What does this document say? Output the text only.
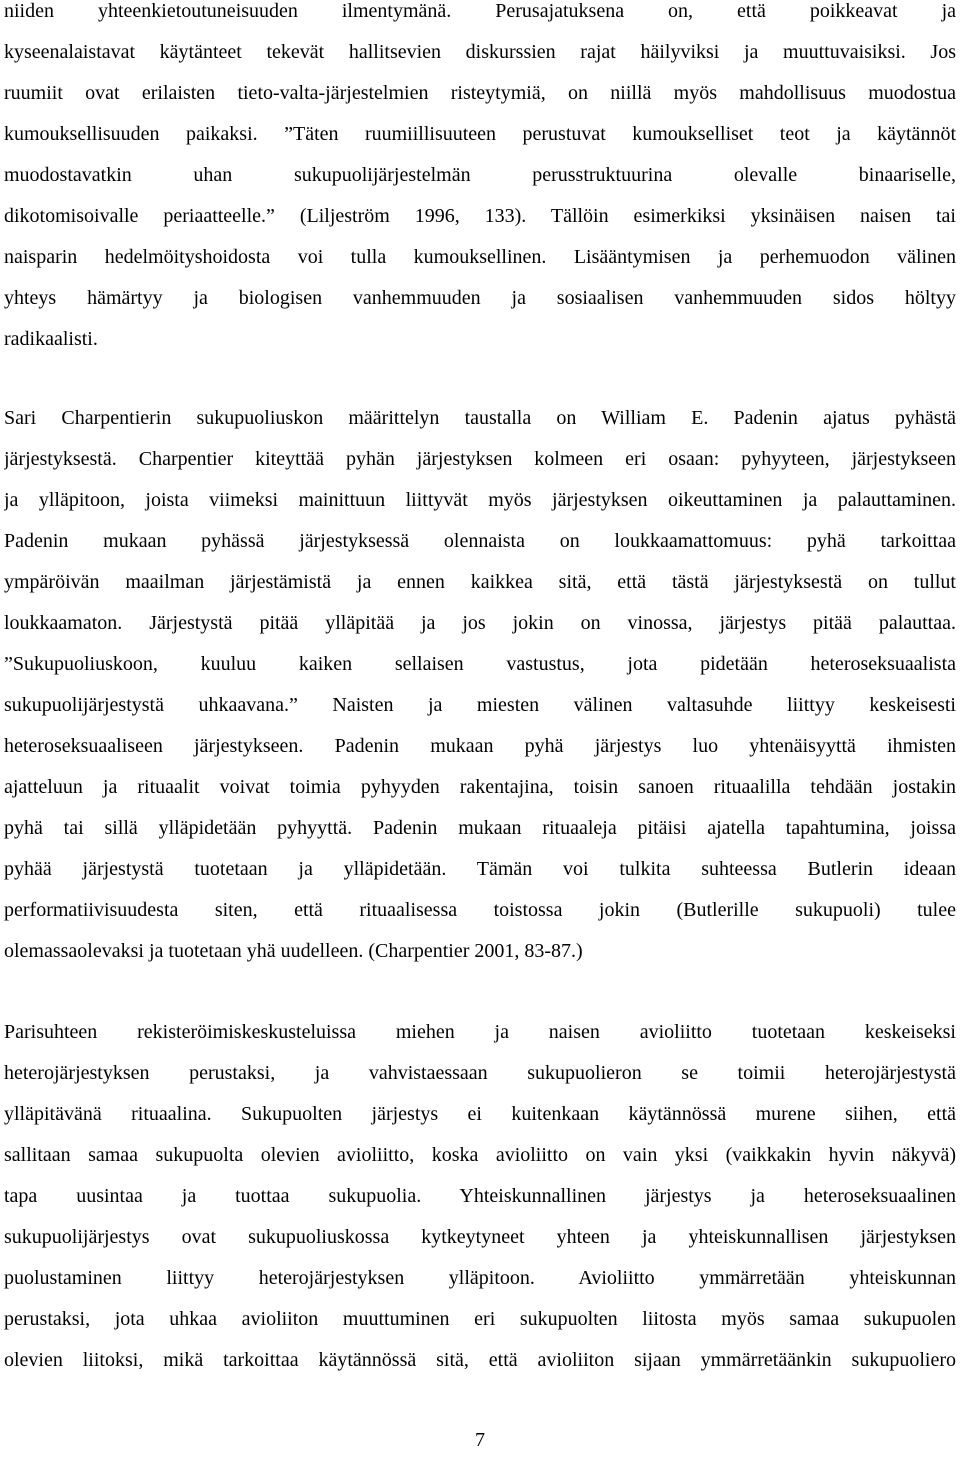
niiden yhteenkietoutuneisuuden ilmentymänä. Perusajatuksena on, että poikkeavat ja
kyseenalaistavat käytänteet tekevät hallitsevien diskurssien rajat häilyviksi ja muuttuvaisiksi. Jos
ruumiit ovat erilaisten tieto-valta-järjestelmien risteytymiä, on niillä myös mahdollisuus muodostua
kumouksellisuuden paikaksi. ”Täten ruumiillisuuteen perustuvat kumoukselliset teot ja käytännöt
muodostavatkin uhan sukupuolijärjestelmän perusstruktuurina olevalle binaariselle,
dikotomisoivalle periaatteelle.” (Liljeström 1996, 133). Tällöin esimerkiksi yksinäisen naisen tai
naisparin hedelmöityshoidosta voi tulla kumouksellinen. Lisääntymisen ja perhemuodon välinen
yhteys hämärtyy ja biologisen vanhemmuuden ja sosiaalisen vanhemmuuden sidos höltyy
radikaalisti.
Sari Charpentierin sukupuoliuskon määrittelyn taustalla on William E. Padenin ajatus pyhästä
järjestyksestä. Charpentier kiteyttää pyhän järjestyksen kolmeen eri osaan: pyhyyteen, järjestykseen
ja ylläpitoon, joista viimeksi mainittuun liittyvät myös järjestyksen oikeuttaminen ja palauttaminen.
Padenin mukaan pyhässä järjestyksessä olennaista on loukkaamattomuus: pyhä tarkoittaa
ympäröivän maailman järjestämistä ja ennen kaikkea sitä, että tästä järjestyksestä on tullut
loukkaamaton. Järjestystä pitää ylläpitää ja jos jokin on vinossa, järjestys pitää palauttaa.
”Sukupuoliuskoon, kuuluu kaiken sellaisen vastustus, jota pidetään heteroseksuaalista
sukupuolijärjestystä uhkaavana.” Naisten ja miesten välinen valtasuhde liittyy keskeisesti
heteroseksuaaliseen järjestykseen. Padenin mukaan pyhä järjestys luo yhtenäisyyttä ihmisten
ajatteluun ja rituaalit voivat toimia pyhyyden rakentajina, toisin sanoen rituaalilla tehdään jostakin
pyhä tai sillä ylläpidetään pyhyyttä. Padenin mukaan rituaaleja pitäisi ajatella tapahtumina, joissa
pyhää järjestystä tuotetaan ja ylläpidetään. Tämän voi tulkita suhteessa Butlerin ideaan
performatiivisuudesta siten, että rituaalisessa toistossa jokin (Butlerille sukupuoli) tulee
olemassaolevaksi ja tuotetaan yhä uudelleen. (Charpentier 2001, 83-87.)
Parisuhteen rekisteröimiskeskusteluissa miehen ja naisen avioliitto tuotetaan keskeiseksi
heterojärjestyksen perustaksi, ja vahvistaessaan sukupuolieron se toimii heterojärjestystä
ylläpitävänä rituaalina. Sukupuolten järjestys ei kuitenkaan käytännössä murene siihen, että
sallitaan samaa sukupuolta olevien avioliitto, koska avioliitto on vain yksi (vaikkakin hyvin näkyvä)
tapa uusintaa ja tuottaa sukupuolia. Yhteiskunnallinen järjestys ja heteroseksuaalinen
sukupuolijärjestys ovat sukupuoliuskossa kytkeytyneet yhteen ja yhteiskunnallisen järjestyksen
puolustaminen liittyy heterojärjestyksen ylläpitoon. Avioliitto ymmärretään yhteiskunnan
perustaksi, jota uhkaa avioliiton muuttuminen eri sukupuolten liitosta myös samaa sukupuolen
olevien liitoksi, mikä tarkoittaa käytännössä sitä, että avioliiton sijaan ymmärretäänkin sukupuoliero
7
